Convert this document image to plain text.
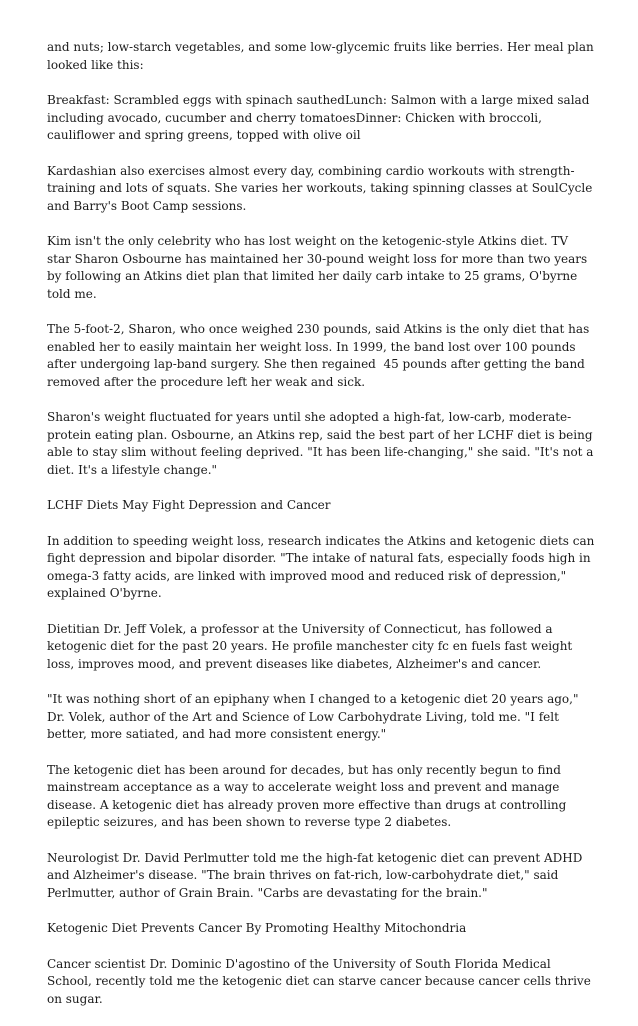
and nuts; low-starch vegetables, and some low-glycemic fruits like berries. Her meal plan looked like this:

Breakfast: Scrambled eggs with spinach sauthedLunch: Salmon with a large mixed salad including avocado, cucumber and cherry tomatoesDinner: Chicken with broccoli, cauliflower and spring greens, topped with olive oil

Kardashian also exercises almost every day, combining cardio workouts with strength-training and lots of squats. She varies her workouts, taking spinning classes at SoulCycle and Barry's Boot Camp sessions.

Kim isn't the only celebrity who has lost weight on the ketogenic-style Atkins diet. TV star Sharon Osbourne has maintained her 30-pound weight loss for more than two years by following an Atkins diet plan that limited her daily carb intake to 25 grams, O'byrne told me.

The 5-foot-2, Sharon, who once weighed 230 pounds, said Atkins is the only diet that has enabled her to easily maintain her weight loss. In 1999, the band lost over 100 pounds after undergoing lap-band surgery. She then regained  45 pounds after getting the band removed after the procedure left her weak and sick.

Sharon's weight fluctuated for years until she adopted a high-fat, low-carb, moderate-protein eating plan. Osbourne, an Atkins rep, said the best part of her LCHF diet is being able to stay slim without feeling deprived. "It has been life-changing," she said. "It's not a diet. It's a lifestyle change."

LCHF Diets May Fight Depression and Cancer

In addition to speeding weight loss, research indicates the Atkins and ketogenic diets can fight depression and bipolar disorder. "The intake of natural fats, especially foods high in omega-3 fatty acids, are linked with improved mood and reduced risk of depression," explained O'byrne.

Dietitian Dr. Jeff Volek, a professor at the University of Connecticut, has followed a ketogenic diet for the past 20 years. He profile manchester city fc en fuels fast weight loss, improves mood, and prevent diseases like diabetes, Alzheimer's and cancer.

"It was nothing short of an epiphany when I changed to a ketogenic diet 20 years ago," Dr. Volek, author of the Art and Science of Low Carbohydrate Living, told me. "I felt better, more satiated, and had more consistent energy."

The ketogenic diet has been around for decades, but has only recently begun to find mainstream acceptance as a way to accelerate weight loss and prevent and manage disease. A ketogenic diet has already proven more effective than drugs at controlling epileptic seizures, and has been shown to reverse type 2 diabetes.

Neurologist Dr. David Perlmutter told me the high-fat ketogenic diet can prevent ADHD and Alzheimer's disease. "The brain thrives on fat-rich, low-carbohydrate diet," said Perlmutter, author of Grain Brain. "Carbs are devastating for the brain."

Ketogenic Diet Prevents Cancer By Promoting Healthy Mitochondria

Cancer scientist Dr. Dominic D'agostino of the University of South Florida Medical School, recently told me the ketogenic diet can starve cancer because cancer cells thrive on sugar.
